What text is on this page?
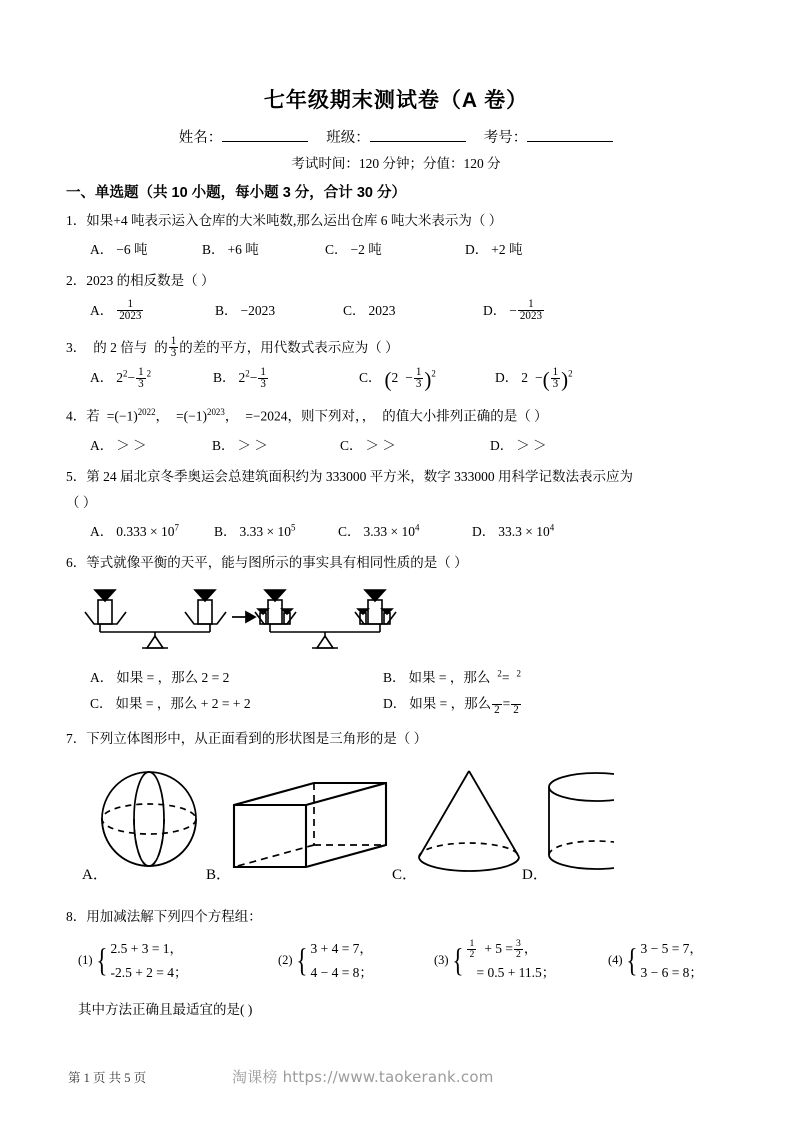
七年级期末测试卷（A 卷）
姓名：	班级：	考号：
考试时间：120 分钟；分值：120 分
一、单选题（共 10 小题，每小题 3 分，合计 30 分）
1．如果+4 吨表示运入仓库的大米吨数,那么运出仓库 6 吨大米表示为（ ）
A． −6 吨	B． +6 吨	C． −2 吨	D． +2 吨
2．2023 的相反数是（ ）
A． $\frac{1}{2023}$	B． −2023	C． 2023	D． − $\frac{1}{2023}$
3． 的 2 倍与 的 $\frac{1}{3}$ 的差的平方，用代数式表示应为（ ）
A． $2^2- \frac{1}{3} ^2$	B． $2^2- \frac{1}{3}$	C． $(2 - \frac{1}{3} )^2$	D． 2 −( $\frac{1}{3} )^2$
4．若 $=(-1)^{2022}$， $=(-1)^{2023}$， =−2024，则下列对，， 的值大小排列正确的是（ ）
A． ＞ ＞	B． ＞ ＞	C． ＞ ＞	D． ＞ ＞
5．第 24 届北京冬季奥运会总建筑面积约为 333000 平方米，数字 333000 用科学记数法表示应为
（ ）
A． $0.333 \times 10^7$	B． $3.33 \times 10^5$	C． $3.33 \times 10^4$	D． $33.3 \times 10^4$
6．等式就像平衡的天平，能与图所示的事实具有相同性质的是（ ）
A． 如果 = ，那么 2 = 2	B． 如果 = ，那么 $^2$= $^2$
C． 如果 = ，那么 + 2 = + 2	D． 如果 = ，那么
2 =
2
7．下列立体图形中，从正面看到的形状图是三角形的是（ ）
A．	B．	C．	D．
8．用加减法解下列四个方程组：
(1) { 2.5 + 3 = 1，
-2.5 + 2 = 4；
(2) { 3 + 4 = 7，
4 − 4 = 8；
(3) { $\frac{1}{2} + 5 = \frac{3}{2}$ ，
= 0.5 + 11.5；
(4) { 3 − 5 = 7，
3 − 6 = 8；
其中方法正确且最适宜的是( )
第 1 页 共 5 页	淘课榜 https://www.taokerank.com
